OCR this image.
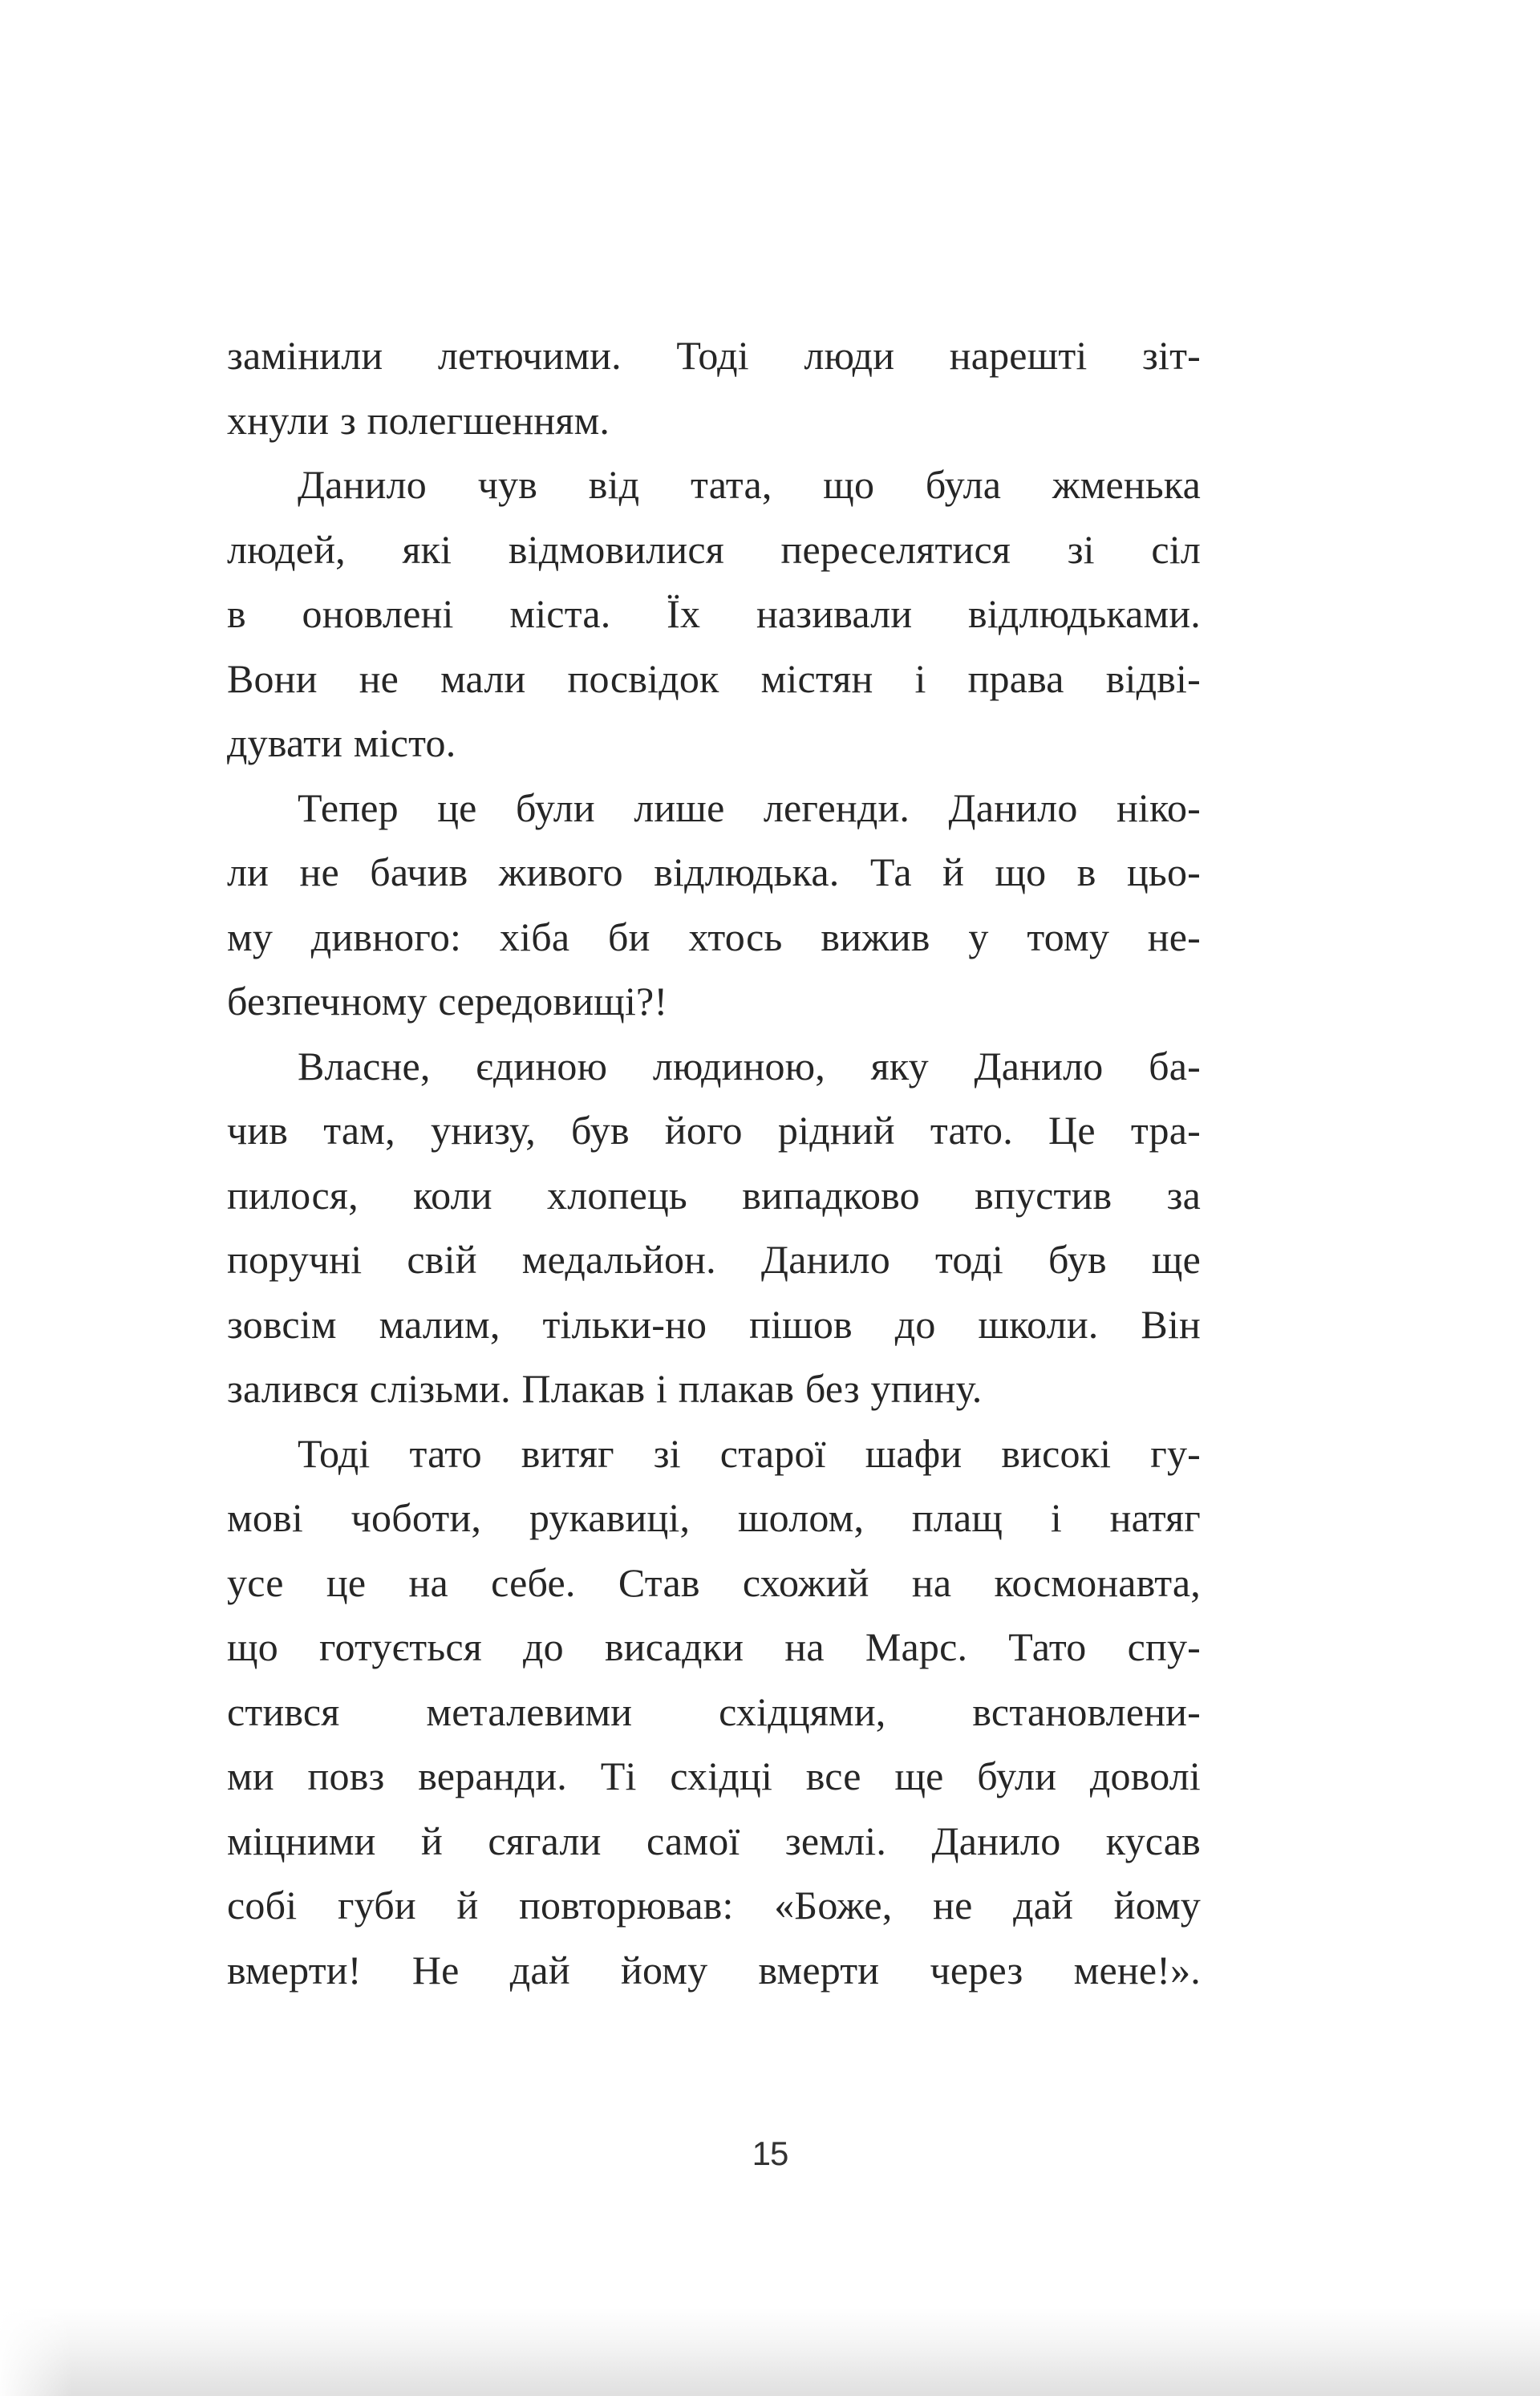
замінили летючими. Тоді люди нарешті зіт-
хнули з полегшенням.
Данило чув від тата, що була жменька
людей, які відмовилися переселятися зі сіл
в оновлені міста. Їх називали відлюдьками.
Вони не мали посвідок містян і права відві-
дувати місто.
Тепер це були лише легенди. Данило ніко-
ли не бачив живого відлюдька. Та й що в цьо-
му дивного: хіба би хтось вижив у тому не-
безпечному середовищі?!
Власне, єдиною людиною, яку Данило ба-
чив там, унизу, був його рідний тато. Це тра-
пилося, коли хлопець випадково впустив за
поручні свій медальйон. Данило тоді був ще
зовсім малим, тільки-но пішов до школи. Він
залився слізьми. Плакав і плакав без упину.
Тоді тато витяг зі старої шафи високі гу-
мові чоботи, рукавиці, шолом, плащ і натяг
усе це на себе. Став схожий на космонавта,
що готується до висадки на Марс. Тато спу-
стився металевими східцями, встановлени-
ми повз веранди. Ті східці все ще були доволі
міцними й сягали самої землі. Данило кусав
собі губи й повторював: «Боже, не дай йому
вмерти! Не дай йому вмерти через мене!».
15
